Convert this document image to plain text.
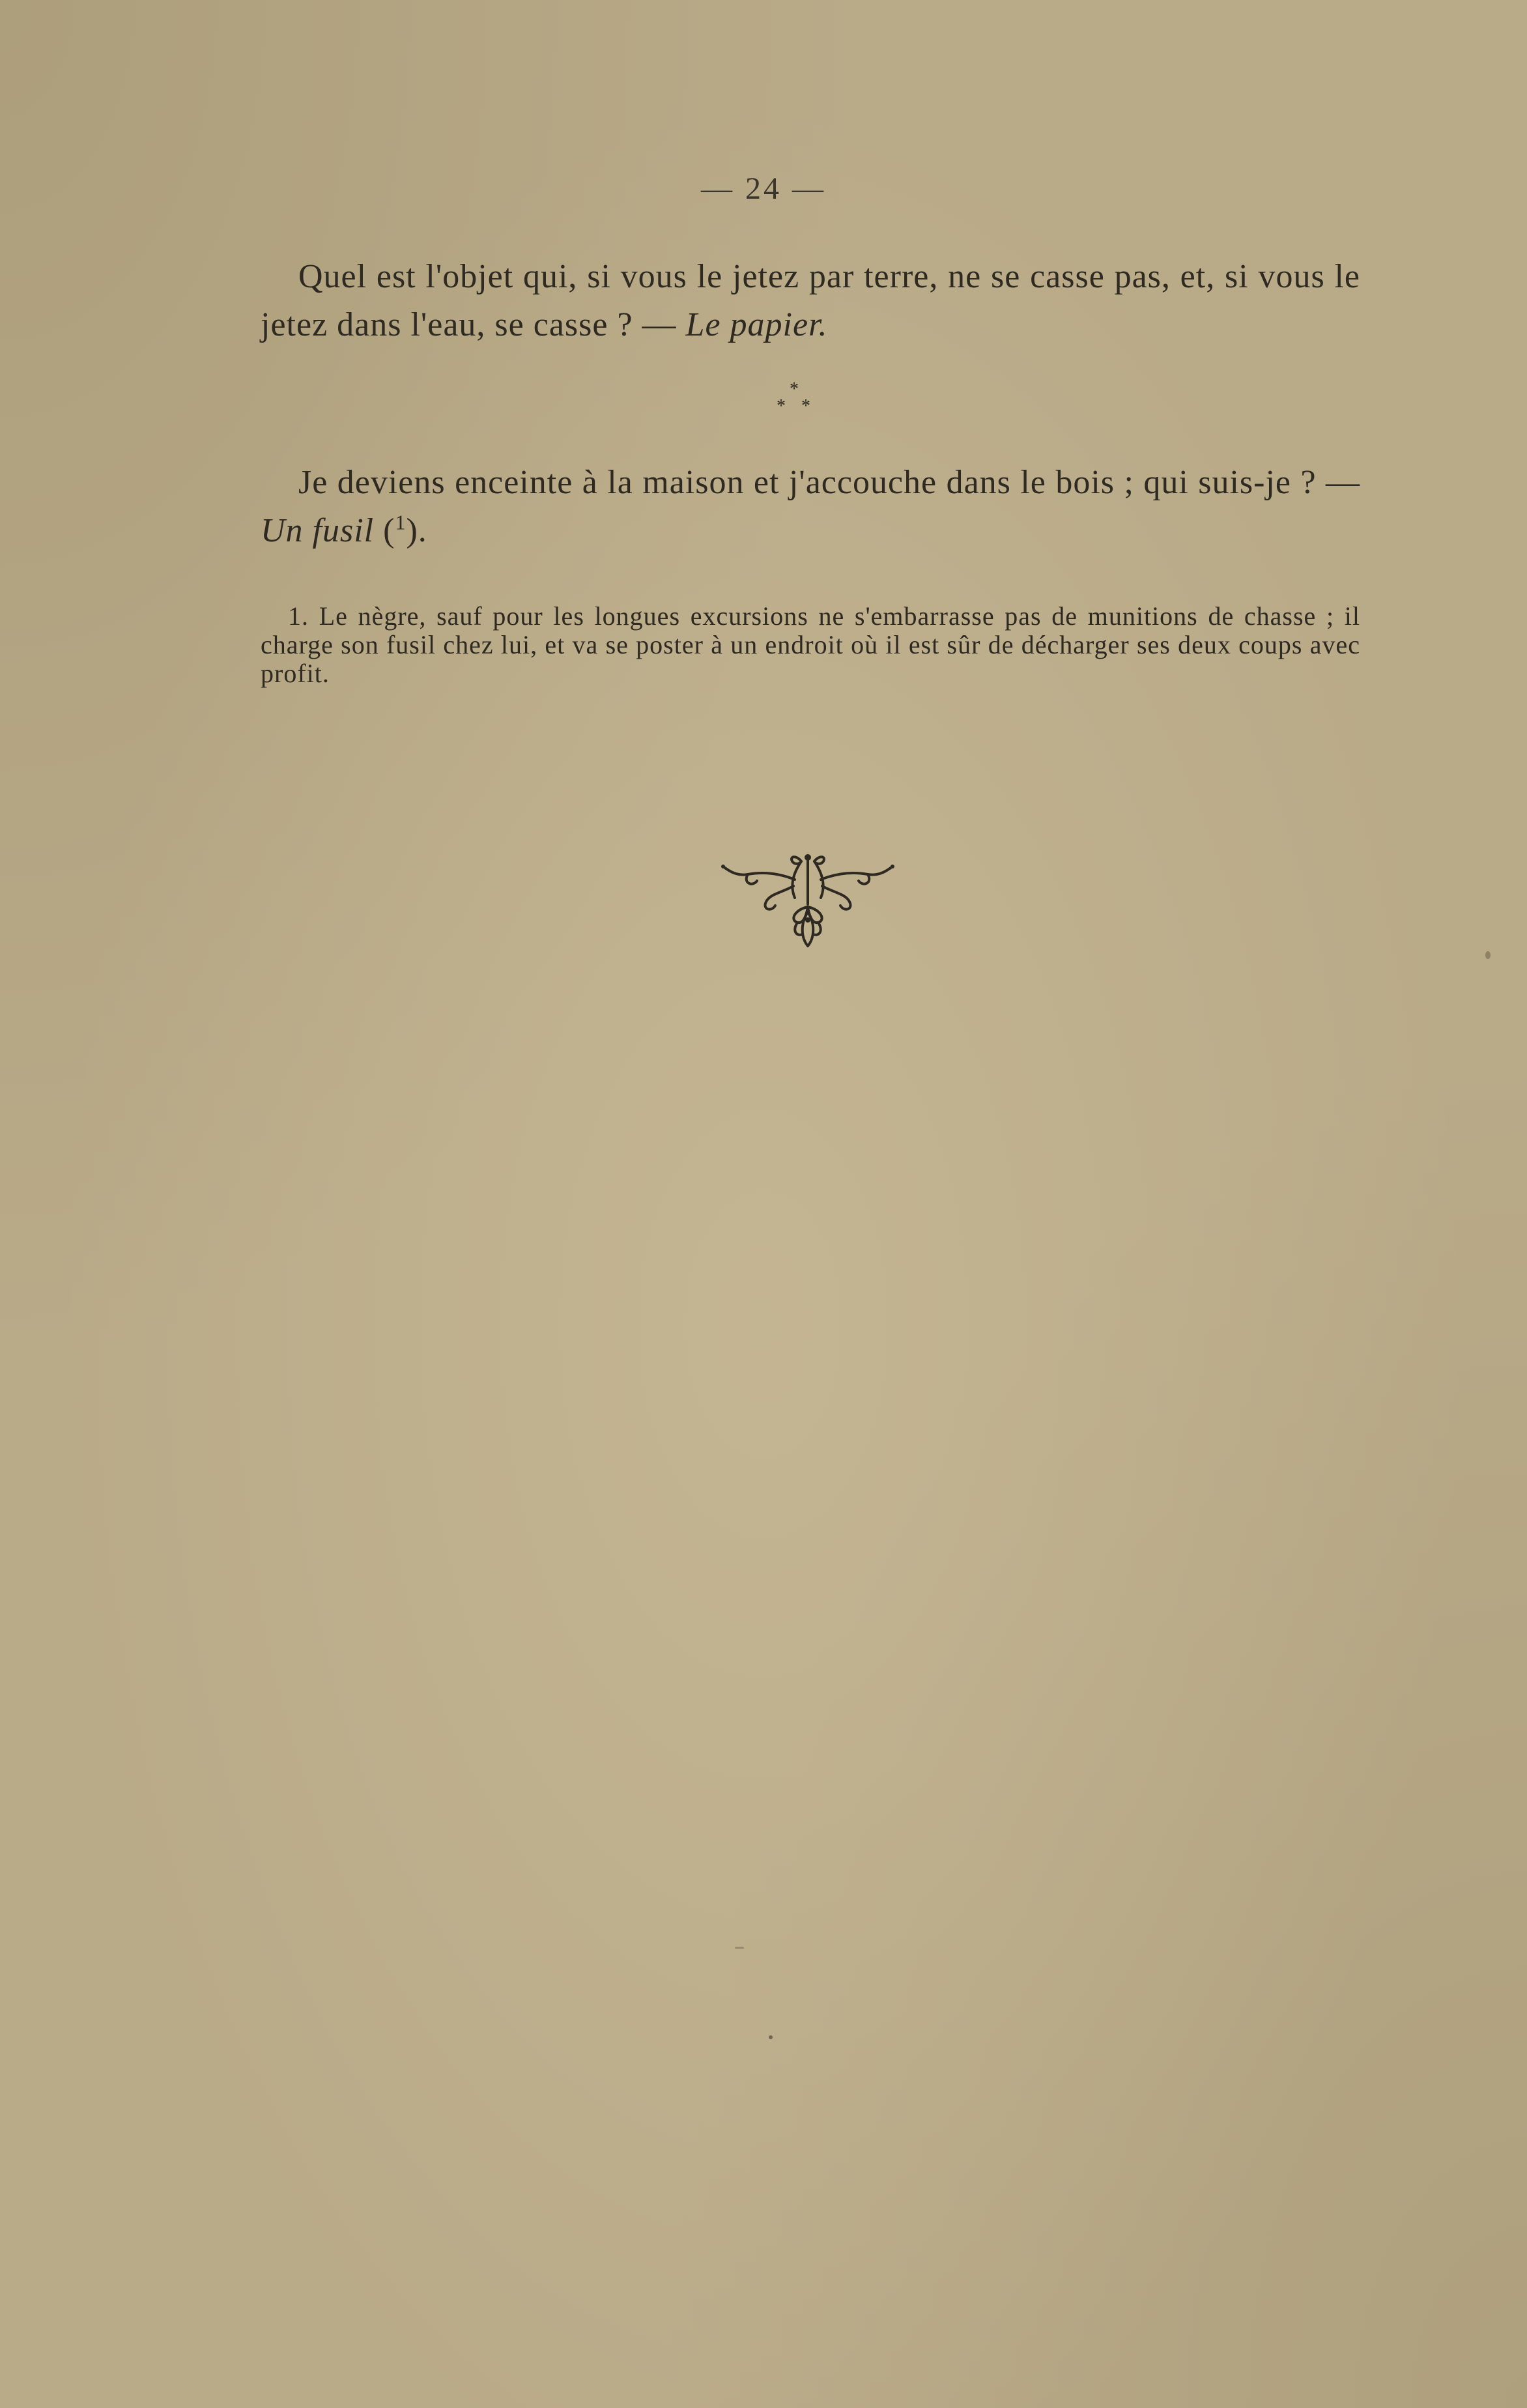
— 24 —

Quel est l'objet qui, si vous le jetez par terre, ne se casse pas, et, si vous le jetez dans l'eau, se casse ? — Le papier.

*
* *

Je deviens enceinte à la maison et j'accouche dans le bois ; qui suis-je ? — Un fusil ($^1$).

1. Le nègre, sauf pour les longues excursions ne s'embarrasse pas de munitions de chasse ; il charge son fusil chez lui, et va se poster à un endroit où il est sûr de décharger ses deux coups avec profit.
